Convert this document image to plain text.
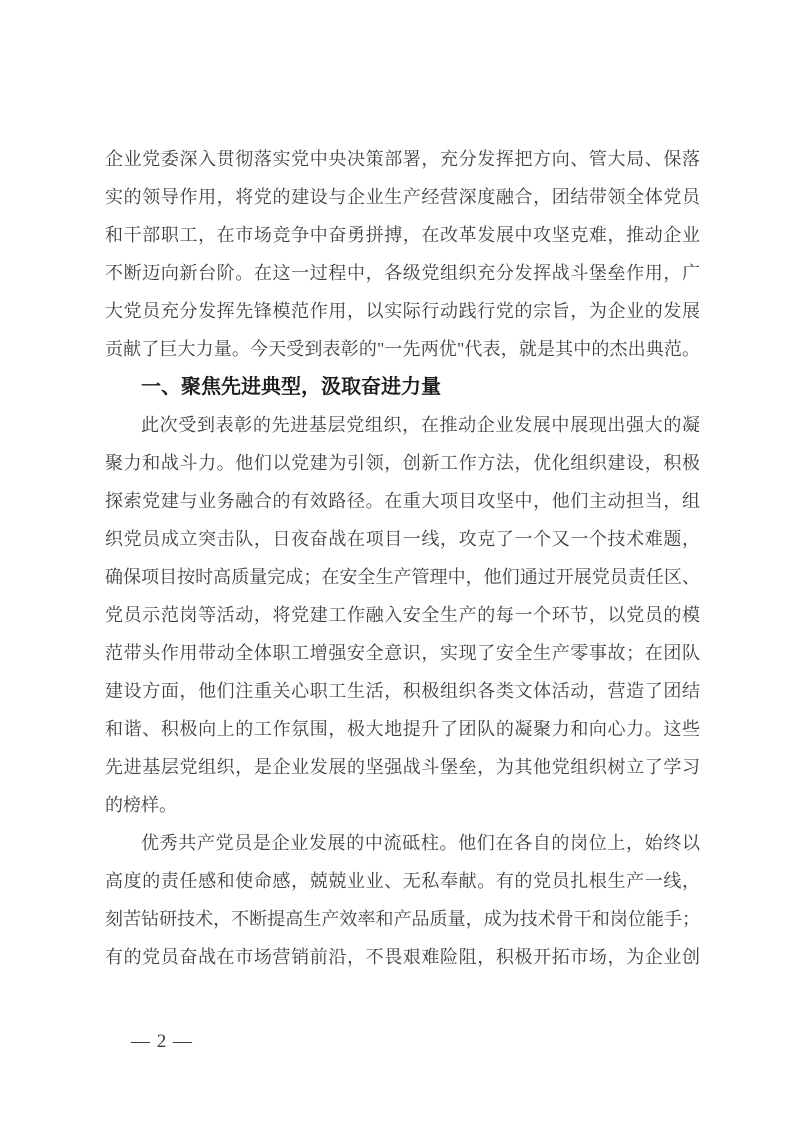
企业党委深入贯彻落实党中央决策部署，充分发挥把方向、管大局、保落

实的领导作用，将党的建设与企业生产经营深度融合，团结带领全体党员

和干部职工，在市场竞争中奋勇拼搏，在改革发展中攻坚克难，推动企业

不断迈向新台阶。在这一过程中，各级党组织充分发挥战斗堡垒作用，广

大党员充分发挥先锋模范作用，以实际行动践行党的宗旨，为企业的发展

贡献了巨大力量。今天受到表彰的"一先两优"代表，就是其中的杰出典范。

一、聚焦先进典型，汲取奋进力量

此次受到表彰的先进基层党组织，在推动企业发展中展现出强大的凝

聚力和战斗力。他们以党建为引领，创新工作方法，优化组织建设，积极

探索党建与业务融合的有效路径。在重大项目攻坚中，他们主动担当，组

织党员成立突击队，日夜奋战在项目一线，攻克了一个又一个技术难题，

确保项目按时高质量完成；在安全生产管理中，他们通过开展党员责任区、

党员示范岗等活动，将党建工作融入安全生产的每一个环节，以党员的模

范带头作用带动全体职工增强安全意识，实现了安全生产零事故；在团队

建设方面，他们注重关心职工生活，积极组织各类文体活动，营造了团结

和谐、积极向上的工作氛围，极大地提升了团队的凝聚力和向心力。这些

先进基层党组织，是企业发展的坚强战斗堡垒，为其他党组织树立了学习

的榜样。

优秀共产党员是企业发展的中流砥柱。他们在各自的岗位上，始终以

高度的责任感和使命感，兢兢业业、无私奉献。有的党员扎根生产一线，

刻苦钻研技术，不断提高生产效率和产品质量，成为技术骨干和岗位能手；

有的党员奋战在市场营销前沿，不畏艰难险阻，积极开拓市场，为企业创

— 2 —
